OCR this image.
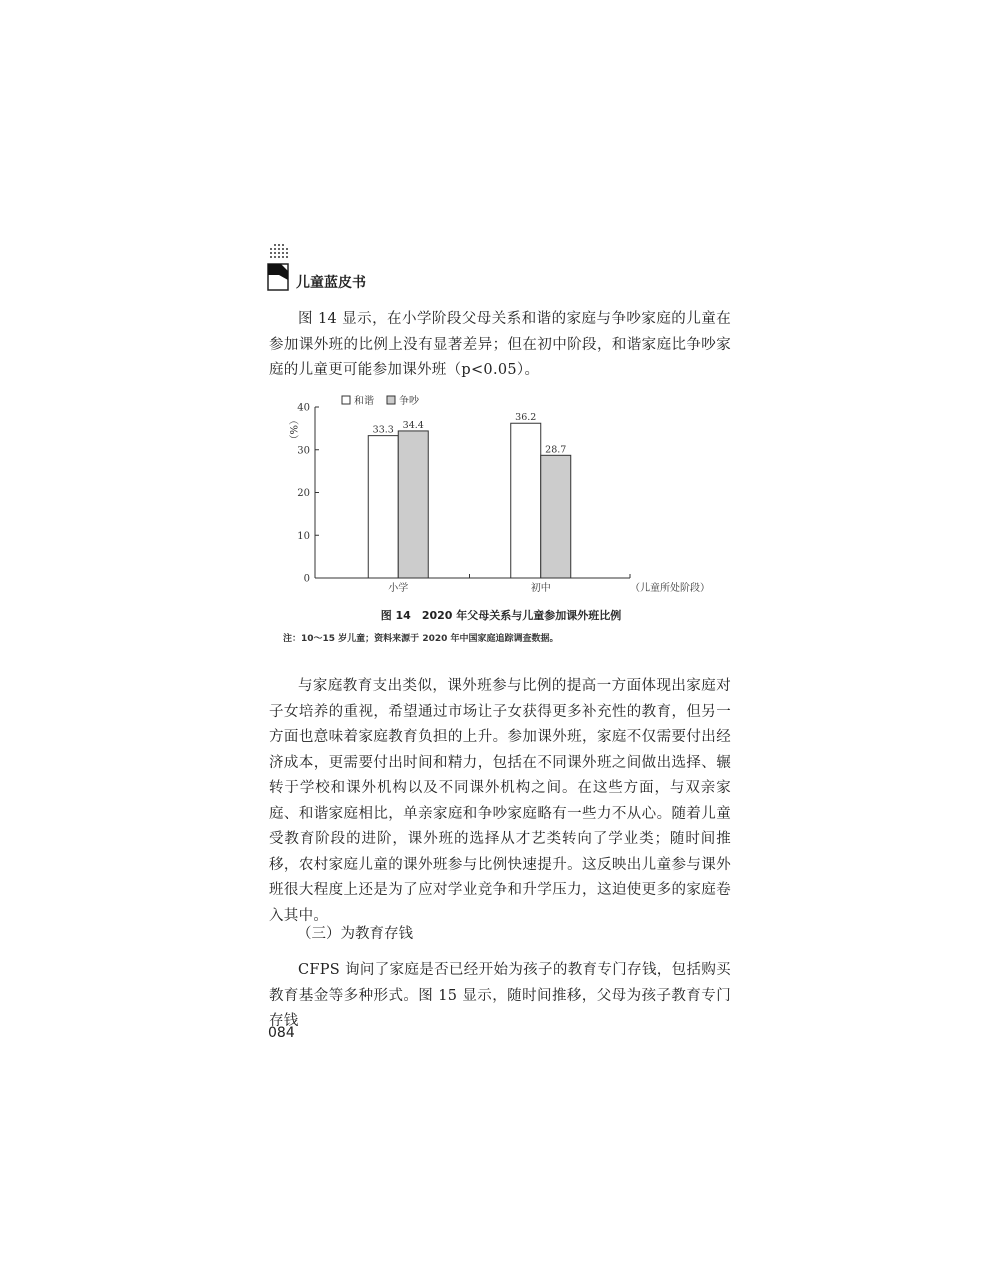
儿童蓝皮书

图 14 显示，在小学阶段父母关系和谐的家庭与争吵家庭的儿童在参加课外班的比例上没有显著差异；但在初中阶段，和谐家庭比争吵家庭的儿童更可能参加课外班（p<0.05）。

0
10
20
30
40
（%）
小学
33.3 34.4
初中
36.2
28.7
（儿童所处阶段）
和谐	争吵
图 14　2020 年父母关系与儿童参加课外班比例
注：10～15 岁儿童；资料来源于 2020 年中国家庭追踪调查数据。

与家庭教育支出类似，课外班参与比例的提高一方面体现出家庭对子女培养的重视，希望通过市场让子女获得更多补充性的教育，但另一方面也意味着家庭教育负担的上升。参加课外班，家庭不仅需要付出经济成本，更需要付出时间和精力，包括在不同课外班之间做出选择、辗转于学校和课外机构以及不同课外机构之间。在这些方面，与双亲家庭、和谐家庭相比，单亲家庭和争吵家庭略有一些力不从心。随着儿童受教育阶段的进阶，课外班的选择从才艺类转向了学业类；随时间推移，农村家庭儿童的课外班参与比例快速提升。这反映出儿童参与课外班很大程度上还是为了应对学业竞争和升学压力，这迫使更多的家庭卷入其中。

（三）为教育存钱

CFPS 询问了家庭是否已经开始为孩子的教育专门存钱，包括购买教育基金等多种形式。图 15 显示，随时间推移，父母为孩子教育专门存钱

084
